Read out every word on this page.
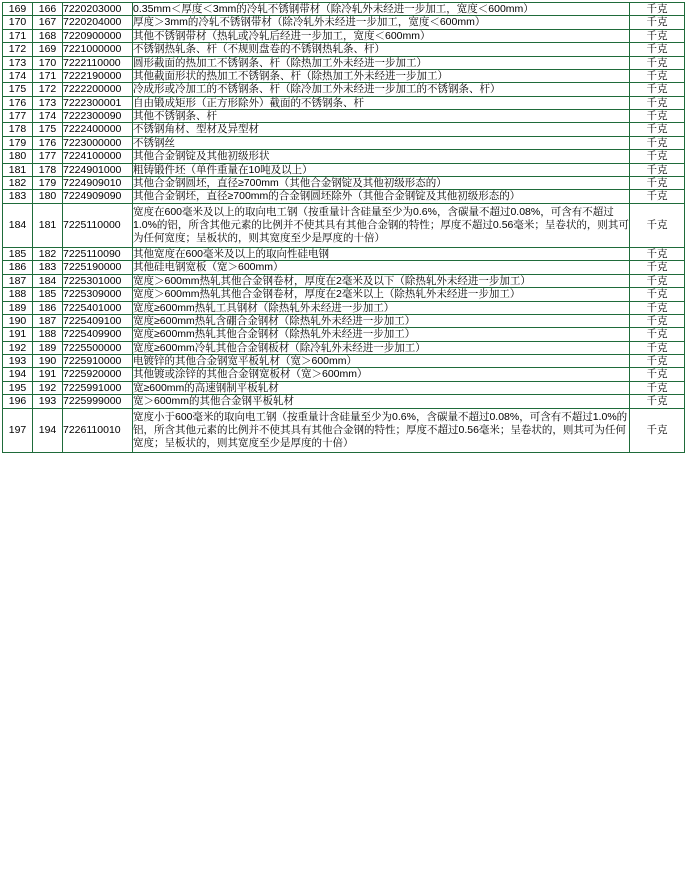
169	166	7220203000	0.35mm＜厚度＜3mm的冷轧不锈钢带材（除冷轧外未经进一步加工，宽度＜600mm）	千克
170	167	7220204000	厚度＞3mm的冷轧不锈钢带材（除冷轧外未经进一步加工，宽度＜600mm）	千克
171	168	7220900000	其他不锈钢带材（热轧或冷轧后经进一步加工，宽度＜600mm）	千克
172	169	7221000000	不锈钢热轧条、杆（不规则盘卷的不锈钢热轧条、杆）	千克
173	170	7222110000	圆形截面的热加工不锈钢条、杆（除热加工外未经进一步加工）	千克
174	171	7222190000	其他截面形状的热加工不锈钢条、杆（除热加工外未经进一步加工）	千克
175	172	7222200000	冷成形或冷加工的不锈钢条、杆（除冷加工外未经进一步加工的不锈钢条、杆）	千克
176	173	7222300001	自由锻成矩形（正方形除外）截面的不锈钢条、杆	千克
177	174	7222300090	其他不锈钢条、杆	千克
178	175	7222400000	不锈钢角材、型材及异型材	千克
179	176	7223000000	不锈钢丝	千克
180	177	7224100000	其他合金钢锭及其他初级形状	千克
181	178	7224901000	粗铸锻件坯（单件重量在10吨及以上）	千克
182	179	7224909010	其他合金钢圆坯，直径≥700mm（其他合金钢锭及其他初级形态的）	千克
183	180	7224909090	其他合金钢坯，直径≥700mm的合金钢圆坯除外（其他合金钢锭及其他初级形态的）	千克
184	181	7225110000	宽度在600毫米及以上的取向电工钢（按重量计含硅量至少为0.6%，含碳量不超过0.08%，可含有不超过1.0%的铝，所含其他元素的比例并不使其具有其他合金钢的特性；厚度不超过0.56毫米；呈卷状的，则其可为任何宽度；呈板状的，则其宽度至少是厚度的十倍）	千克
185	182	7225110090	其他宽度在600毫米及以上的取向性硅电钢	千克
186	183	7225190000	其他硅电钢宽板（宽＞600mm）	千克
187	184	7225301000	宽度＞600mm热轧其他合金钢卷材，厚度在2毫米及以下（除热轧外未经进一步加工）	千克
188	185	7225309000	宽度＞600mm热轧其他合金钢卷材，厚度在2毫米以上（除热轧外未经进一步加工）	千克
189	186	7225401000	宽度≥600mm热轧工具钢材（除热轧外未经进一步加工）	千克
190	187	7225409100	宽度≥600mm热轧含硼合金钢材（除热轧外未经进一步加工）	千克
191	188	7225409900	宽度≥600mm热轧其他合金钢材（除热轧外未经进一步加工）	千克
192	189	7225500000	宽度≥600mm冷轧其他合金钢板材（除冷轧外未经进一步加工）	千克
193	190	7225910000	电镀锌的其他合金钢宽平板轧材（宽＞600mm）	千克
194	191	7225920000	其他镀或涂锌的其他合金钢宽板材（宽＞600mm）	千克
195	192	7225991000	宽≥600mm的高速钢制平板轧材	千克
196	193	7225999000	宽＞600mm的其他合金钢平板轧材	千克
197	194	7226110010	宽度小于600毫米的取向电工钢（按重量计含硅量至少为0.6%，含碳量不超过0.08%，可含有不超过1.0%的铝，所含其他元素的比例并不使其具有其他合金钢的特性；厚度不超过0.56毫米；呈卷状的，则其可为任何宽度；呈板状的，则其宽度至少是厚度的十倍）	千克
